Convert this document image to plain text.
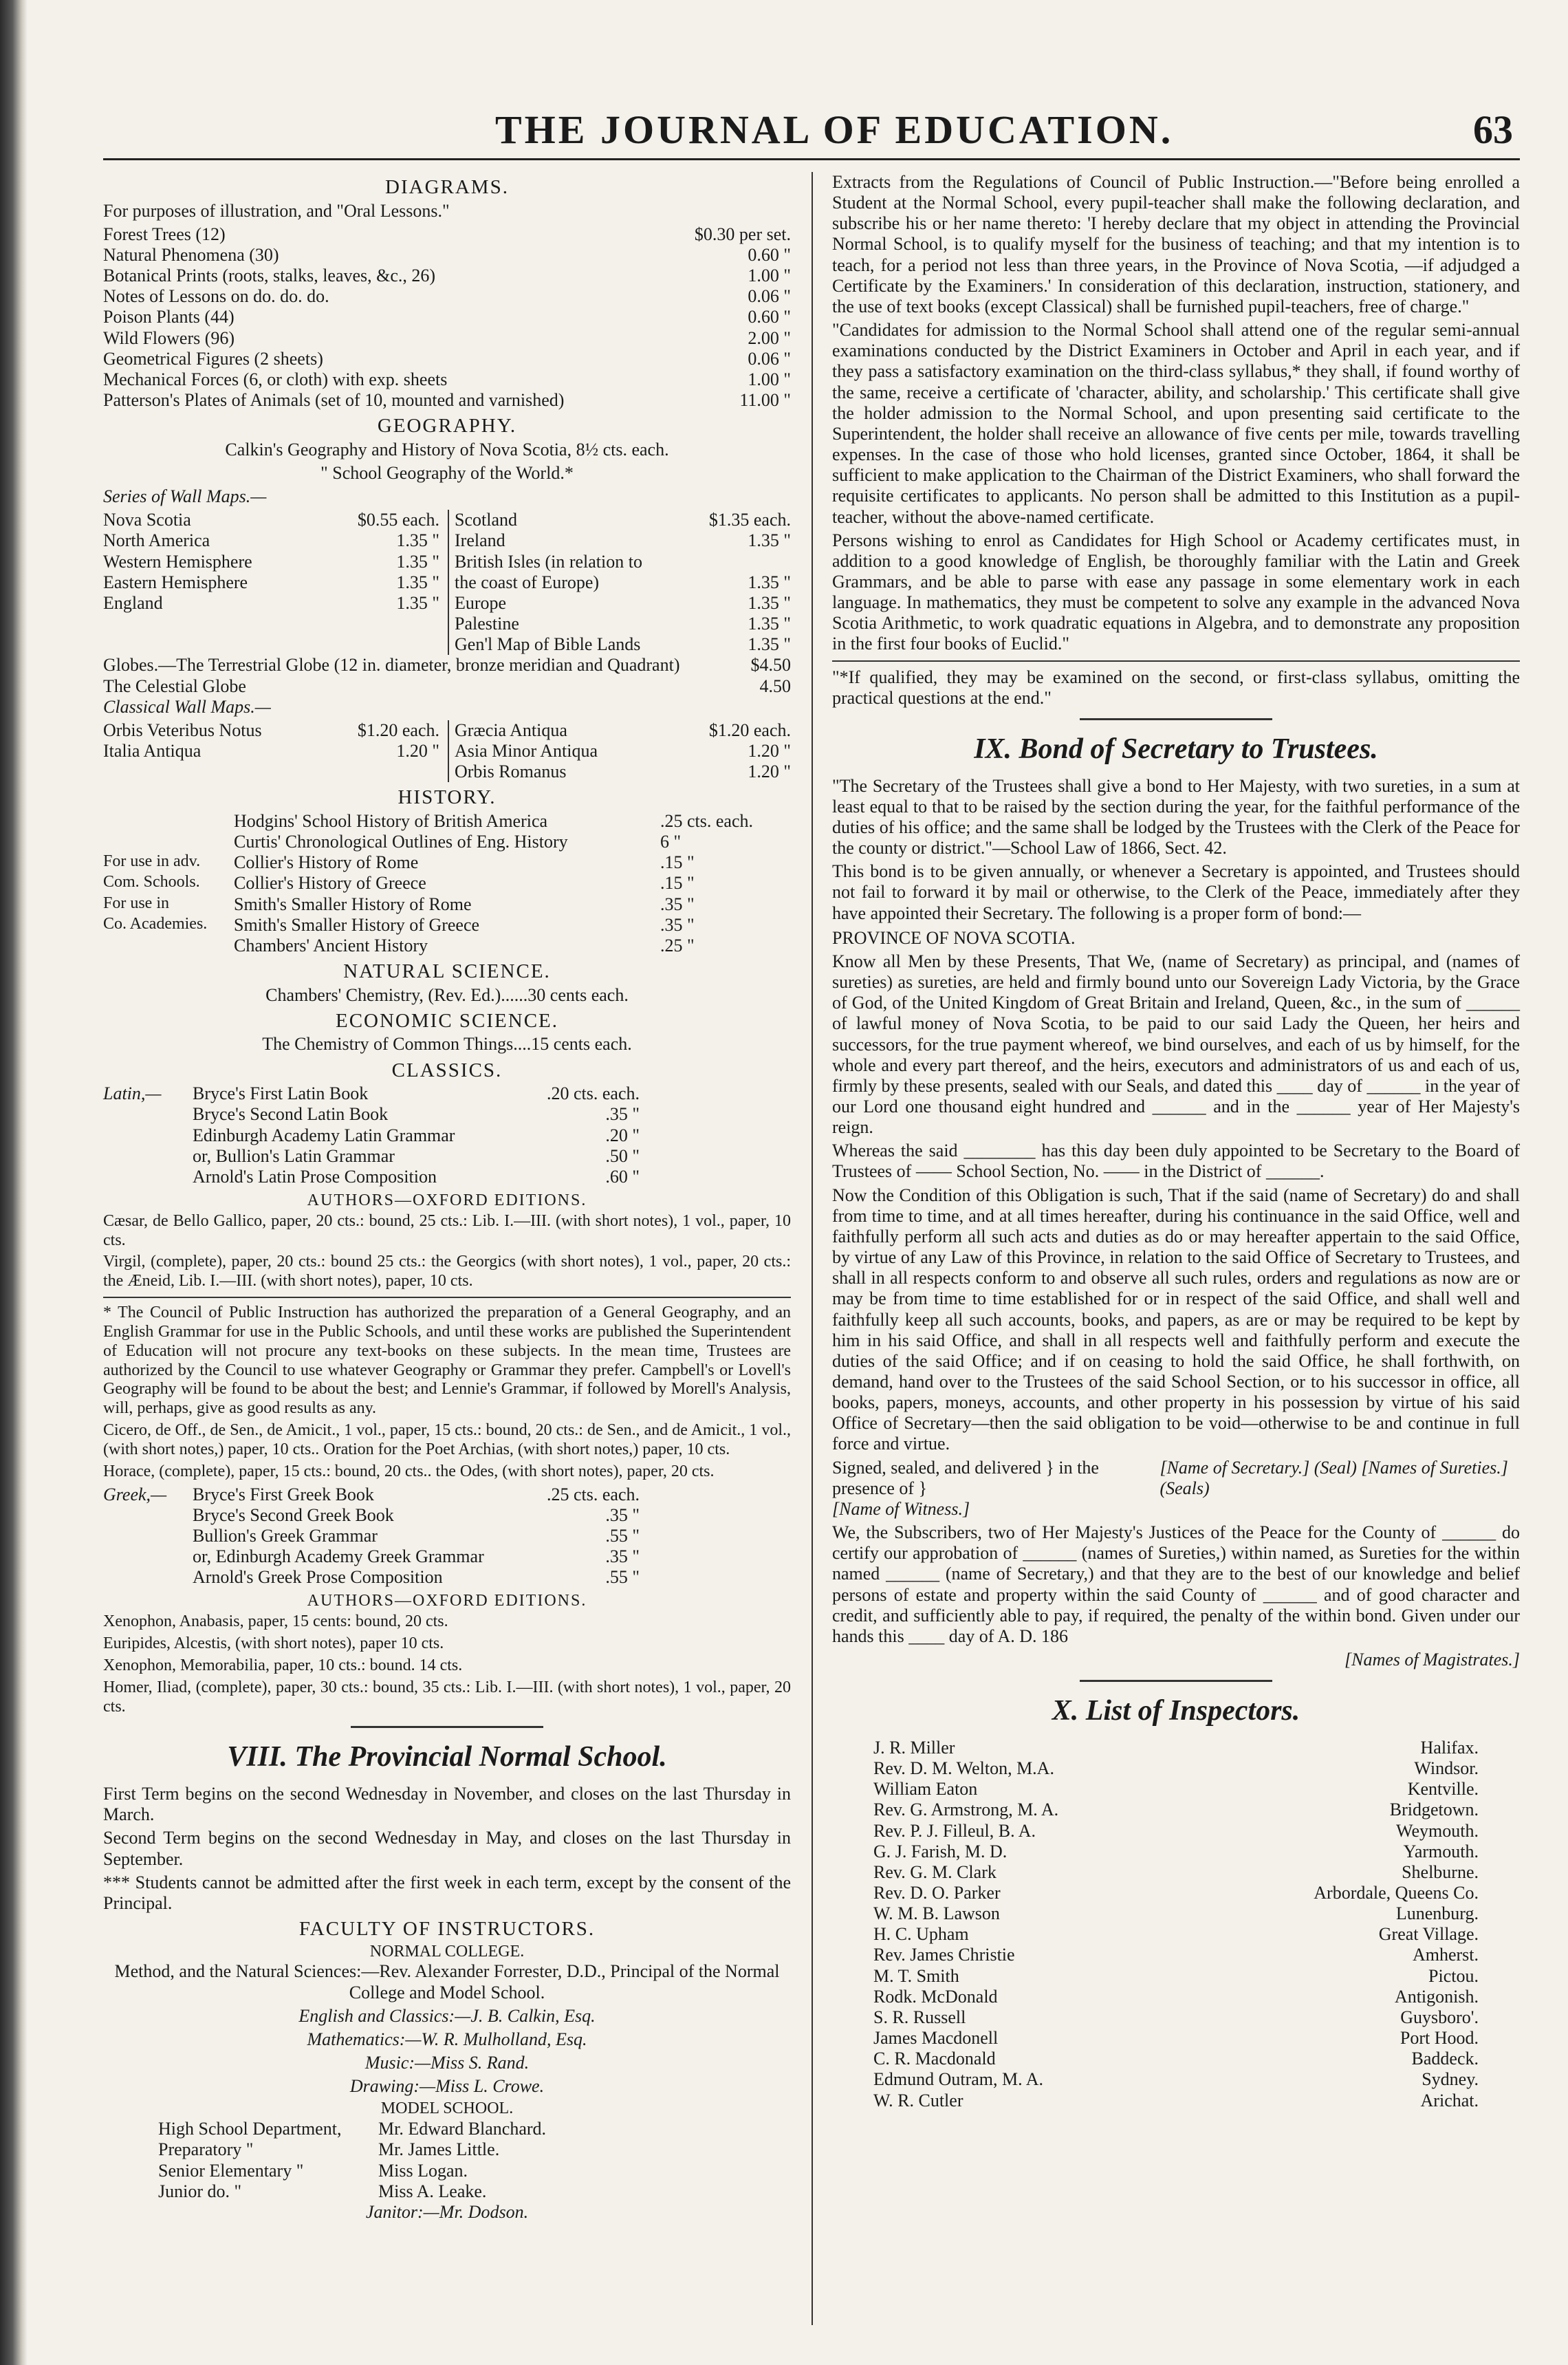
THE JOURNAL OF EDUCATION.	63
DIAGRAMS.

For purposes of illustration, and "Oral Lessons."

Forest Trees (12)	$0.30 per set.
Natural Phenomena (30)	0.60 "
Botanical Prints (roots, stalks, leaves, &c., 26)	1.00 "
Notes of Lessons on do. do. do.	0.06 "
Poison Plants (44)	0.60 "
Wild Flowers (96)	2.00 "
Geometrical Figures (2 sheets)	0.06 "
Mechanical Forces (6, or cloth) with exp. sheets	1.00 "
Patterson's Plates of Animals (set of 10, mounted and varnished)	11.00 "
GEOGRAPHY.

Calkin's Geography and History of Nova Scotia, 8½ cts. each.

" School Geography of the World.*

Series of Wall Maps.—

Nova Scotia	$0.55 each.
North America	1.35 "
Western Hemisphere	1.35 "
Eastern Hemisphere	1.35 "
England	1.35 "
Scotland	$1.35 each.
Ireland	1.35 "
British Isles (in relation to
the coast of Europe)	1.35 "
Europe	1.35 "
Palestine	1.35 "
Gen'l Map of Bible Lands	1.35 "
Globes.—The Terrestrial Globe (12 in. diameter, bronze meridian and Quadrant)	$4.50
The Celestial Globe	4.50

Classical Wall Maps.—

Orbis Veteribus Notus	$1.20 each.
Italia Antiqua	1.20 "
Græcia Antiqua	$1.20 each.
Asia Minor Antiqua	1.20 "
Orbis Romanus	1.20 "
HISTORY.
Hodgins' School History of British America	.25 cts. each.
Curtis' Chronological Outlines of Eng. History	6 "
For use in adv.	Collier's History of Rome	.15 "
Com. Schools.	Collier's History of Greece	.15 "
For use in	Smith's Smaller History of Rome	.35 "
Co. Academies.	Smith's Smaller History of Greece	.35 "
Chambers' Ancient History	.25 "
NATURAL SCIENCE.

Chambers' Chemistry, (Rev. Ed.)......30 cents each.

ECONOMIC SCIENCE.

The Chemistry of Common Things....15 cents each.

CLASSICS.
Latin,—	Bryce's First Latin Book	.20 cts. each.
Bryce's Second Latin Book	.35 "
Edinburgh Academy Latin Grammar	.20 "
or, Bullion's Latin Grammar	.50 "
Arnold's Latin Prose Composition	.60 "
AUTHORS—OXFORD EDITIONS.

Cæsar, de Bello Gallico, paper, 20 cts.: bound, 25 cts.: Lib. I.—III. (with short notes), 1 vol., paper, 10 cts.

Virgil, (complete), paper, 20 cts.: bound 25 cts.: the Georgics (with short notes), 1 vol., paper, 20 cts.: the Æneid, Lib. I.—III. (with short notes), paper, 10 cts.

* The Council of Public Instruction has authorized the preparation of a General Geography, and an English Grammar for use in the Public Schools, and until these works are published the Superintendent of Education will not procure any text-books on these subjects. In the mean time, Trustees are authorized by the Council to use whatever Geography or Grammar they prefer. Campbell's or Lovell's Geography will be found to be about the best; and Lennie's Grammar, if followed by Morell's Analysis, will, perhaps, give as good results as any.

Cicero, de Off., de Sen., de Amicit., 1 vol., paper, 15 cts.: bound, 20 cts.: de Sen., and de Amicit., 1 vol., (with short notes,) paper, 10 cts.. Oration for the Poet Archias, (with short notes,) paper, 10 cts.

Horace, (complete), paper, 15 cts.: bound, 20 cts.. the Odes, (with short notes), paper, 20 cts.

Greek,—	Bryce's First Greek Book	.25 cts. each.
Bryce's Second Greek Book	.35 "
Bullion's Greek Grammar	.55 "
or, Edinburgh Academy Greek Grammar	.35 "
Arnold's Greek Prose Composition	.55 "
AUTHORS—OXFORD EDITIONS.

Xenophon, Anabasis, paper, 15 cents: bound, 20 cts.

Euripides, Alcestis, (with short notes), paper 10 cts.

Xenophon, Memorabilia, paper, 10 cts.: bound. 14 cts.

Homer, Iliad, (complete), paper, 30 cts.: bound, 35 cts.: Lib. I.—III. (with short notes), 1 vol., paper, 20 cts.

VIII. The Provincial Normal School.

First Term begins on the second Wednesday in November, and closes on the last Thursday in March.

Second Term begins on the second Wednesday in May, and closes on the last Thursday in September.

*** Students cannot be admitted after the first week in each term, except by the consent of the Principal.

FACULTY OF INSTRUCTORS.
NORMAL COLLEGE.

Method, and the Natural Sciences:—Rev. Alexander Forrester, D.D., Principal of the Normal College and Model School.

English and Classics:—J. B. Calkin, Esq.

Mathematics:—W. R. Mulholland, Esq.

Music:—Miss S. Rand.

Drawing:—Miss L. Crowe.

MODEL SCHOOL.
High School Department,	Mr. Edward Blanchard.
Preparatory "	Mr. James Little.
Senior Elementary "	Miss Logan.
Junior do. "	Miss A. Leake.

Janitor:—Mr. Dodson.

Extracts from the Regulations of Council of Public Instruction.—"Before being enrolled a Student at the Normal School, every pupil-teacher shall make the following declaration, and subscribe his or her name thereto: 'I hereby declare that my object in attending the Provincial Normal School, is to qualify myself for the business of teaching; and that my intention is to teach, for a period not less than three years, in the Province of Nova Scotia, —if adjudged a Certificate by the Examiners.' In consideration of this declaration, instruction, stationery, and the use of text books (except Classical) shall be furnished pupil-teachers, free of charge."

"Candidates for admission to the Normal School shall attend one of the regular semi-annual examinations conducted by the District Examiners in October and April in each year, and if they pass a satisfactory examination on the third-class syllabus,* they shall, if found worthy of the same, receive a certificate of 'character, ability, and scholarship.' This certificate shall give the holder admission to the Normal School, and upon presenting said certificate to the Superintendent, the holder shall receive an allowance of five cents per mile, towards travelling expenses. In the case of those who hold licenses, granted since October, 1864, it shall be sufficient to make application to the Chairman of the District Examiners, who shall forward the requisite certificates to applicants. No person shall be admitted to this Institution as a pupil-teacher, without the above-named certificate.

Persons wishing to enrol as Candidates for High School or Academy certificates must, in addition to a good knowledge of English, be thoroughly familiar with the Latin and Greek Grammars, and be able to parse with ease any passage in some elementary work in each language. In mathematics, they must be competent to solve any example in the advanced Nova Scotia Arithmetic, to work quadratic equations in Algebra, and to demonstrate any proposition in the first four books of Euclid."

"*If qualified, they may be examined on the second, or first-class syllabus, omitting the practical questions at the end."

IX. Bond of Secretary to Trustees.

"The Secretary of the Trustees shall give a bond to Her Majesty, with two sureties, in a sum at least equal to that to be raised by the section during the year, for the faithful performance of the duties of his office; and the same shall be lodged by the Trustees with the Clerk of the Peace for the county or district."—School Law of 1866, Sect. 42.

This bond is to be given annually, or whenever a Secretary is appointed, and Trustees should not fail to forward it by mail or otherwise, to the Clerk of the Peace, immediately after they have appointed their Secretary. The following is a proper form of bond:—

PROVINCE OF NOVA SCOTIA.

Know all Men by these Presents, That We, (name of Secretary) as principal, and (names of sureties) as sureties, are held and firmly bound unto our Sovereign Lady Victoria, by the Grace of God, of the United Kingdom of Great Britain and Ireland, Queen, &c., in the sum of ______ of lawful money of Nova Scotia, to be paid to our said Lady the Queen, her heirs and successors, for the true payment whereof, we bind ourselves, and each of us by himself, for the whole and every part thereof, and the heirs, executors and administrators of us and each of us, firmly by these presents, sealed with our Seals, and dated this ____ day of ______ in the year of our Lord one thousand eight hundred and ______ and in the ______ year of Her Majesty's reign.

Whereas the said ________ has this day been duly appointed to be Secretary to the Board of Trustees of —— School Section, No. —— in the District of ______.

Now the Condition of this Obligation is such, That if the said (name of Secretary) do and shall from time to time, and at all times hereafter, during his continuance in the said Office, well and faithfully perform all such acts and duties as do or may hereafter appertain to the said Office, by virtue of any Law of this Province, in relation to the said Office of Secretary to Trustees, and shall in all respects conform to and observe all such rules, orders and regulations as now are or may be from time to time established for or in respect of the said Office, and shall well and faithfully keep all such accounts, books, and papers, as are or may be required to be kept by him in his said Office, and shall in all respects well and faithfully perform and execute the duties of the said Office; and if on ceasing to hold the said Office, he shall forthwith, on demand, hand over to the Trustees of the said School Section, or to his successor in office, all books, papers, moneys, accounts, and other property in his possession by virtue of his said Office of Secretary—then the said obligation to be void—otherwise to be and continue in full force and virtue.

Signed, sealed, and delivered } in the presence of }
[Name of Secretary.] (Seal) [Names of Sureties.] (Seals)

[Name of Witness.]

We, the Subscribers, two of Her Majesty's Justices of the Peace for the County of ______ do certify our approbation of ______ (names of Sureties,) within named, as Sureties for the within named ______ (name of Secretary,) and that they are to the best of our knowledge and belief persons of estate and property within the said County of ______ and of good character and credit, and sufficiently able to pay, if required, the penalty of the within bond. Given under our hands this ____ day of A. D. 186

[Names of Magistrates.]

X. List of Inspectors.
J. R. Miller	Halifax.
Rev. D. M. Welton, M.A.	Windsor.
William Eaton	Kentville.
Rev. G. Armstrong, M. A.	Bridgetown.
Rev. P. J. Filleul, B. A.	Weymouth.
G. J. Farish, M. D.	Yarmouth.
Rev. G. M. Clark	Shelburne.
Rev. D. O. Parker	Arbordale, Queens Co.
W. M. B. Lawson	Lunenburg.
H. C. Upham	Great Village.
Rev. James Christie	Amherst.
M. T. Smith	Pictou.
Rodk. McDonald	Antigonish.
S. R. Russell	Guysboro'.
James Macdonell	Port Hood.
C. R. Macdonald	Baddeck.
Edmund Outram, M. A.	Sydney.
W. R. Cutler	Arichat.
